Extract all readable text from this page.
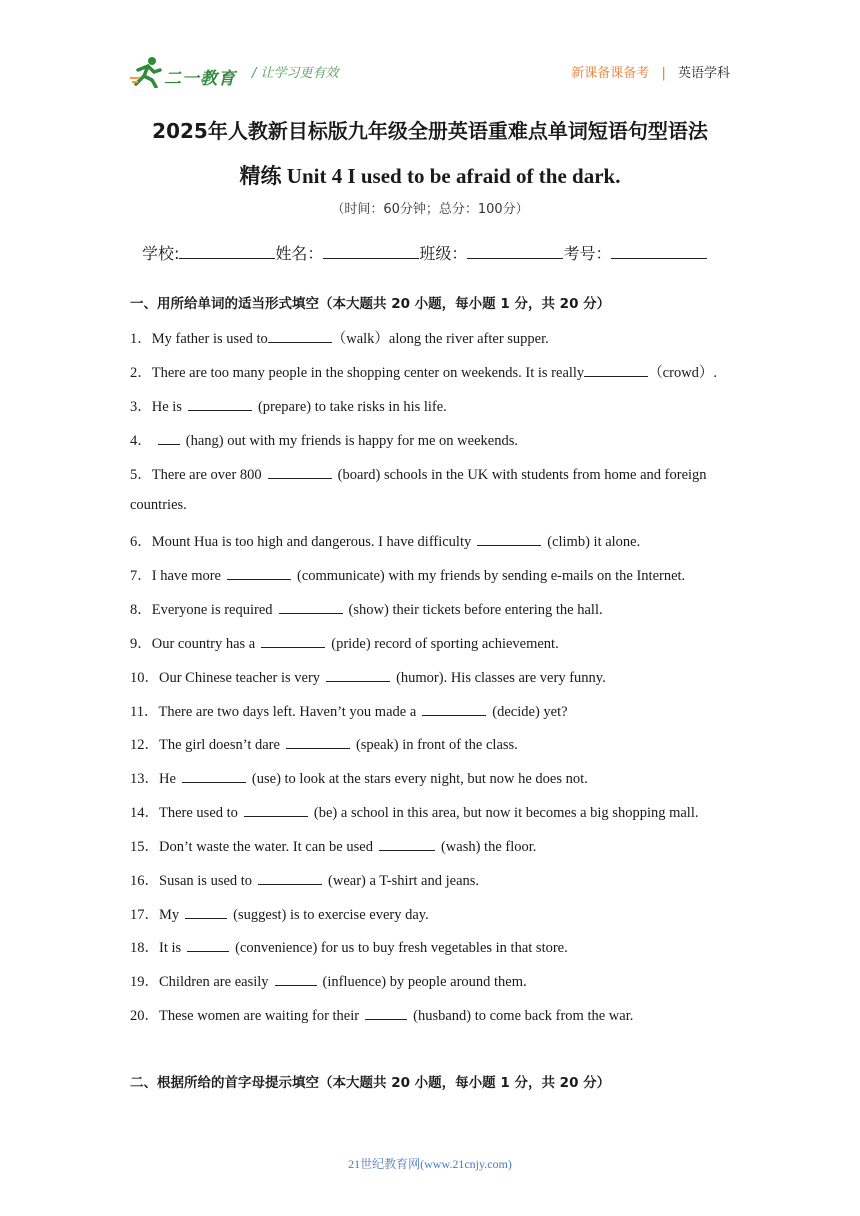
二一教育 / 让学习更有效	新课备课备考 | 英语学科
2025年人教新目标版九年级全册英语重难点单词短语句型语法
精练 Unit 4 I used to be afraid of the dark.
（时间：60分钟；总分：100分）
学校:	姓名：	班级：	考号：
一、用所给单词的适当形式填空（本大题共 20 小题，每小题 1 分，共 20 分）
1．My father is used to	（walk）along the river after supper.
2．There are too many people in the shopping center on weekends. It is really	（crowd）.
3．He is	(prepare) to take risks in his life.
4． (hang) out with my friends is happy for me on weekends.
5．There are over 800	(board) schools in the UK with students from home and foreign
countries.
6．Mount Hua is too high and dangerous. I have difficulty	(climb) it alone.
7．I have more	(communicate) with my friends by sending e-mails on the Internet.
8．Everyone is required	(show) their tickets before entering the hall.
9．Our country has a	(pride) record of sporting achievement.
10．Our Chinese teacher is very	(humor). His classes are very funny.
11．There are two days left. Haven’t you made a	(decide) yet?
12．The girl doesn’t dare	(speak) in front of the class.
13．He	(use) to look at the stars every night, but now he does not.
14．There used to	(be) a school in this area, but now it becomes a big shopping mall.
15．Don’t waste the water. It can be used	(wash) the floor.
16．Susan is used to	(wear) a T-shirt and jeans.
17．My	(suggest) is to exercise every day.
18．It is	(convenience) for us to buy fresh vegetables in that store.
19．Children are easily	(influence) by people around them.
20．These women are waiting for their	(husband) to come back from the war.
二、根据所给的首字母提示填空（本大题共 20 小题，每小题 1 分，共 20 分）
21世纪教育网(www.21cnjy.com)
